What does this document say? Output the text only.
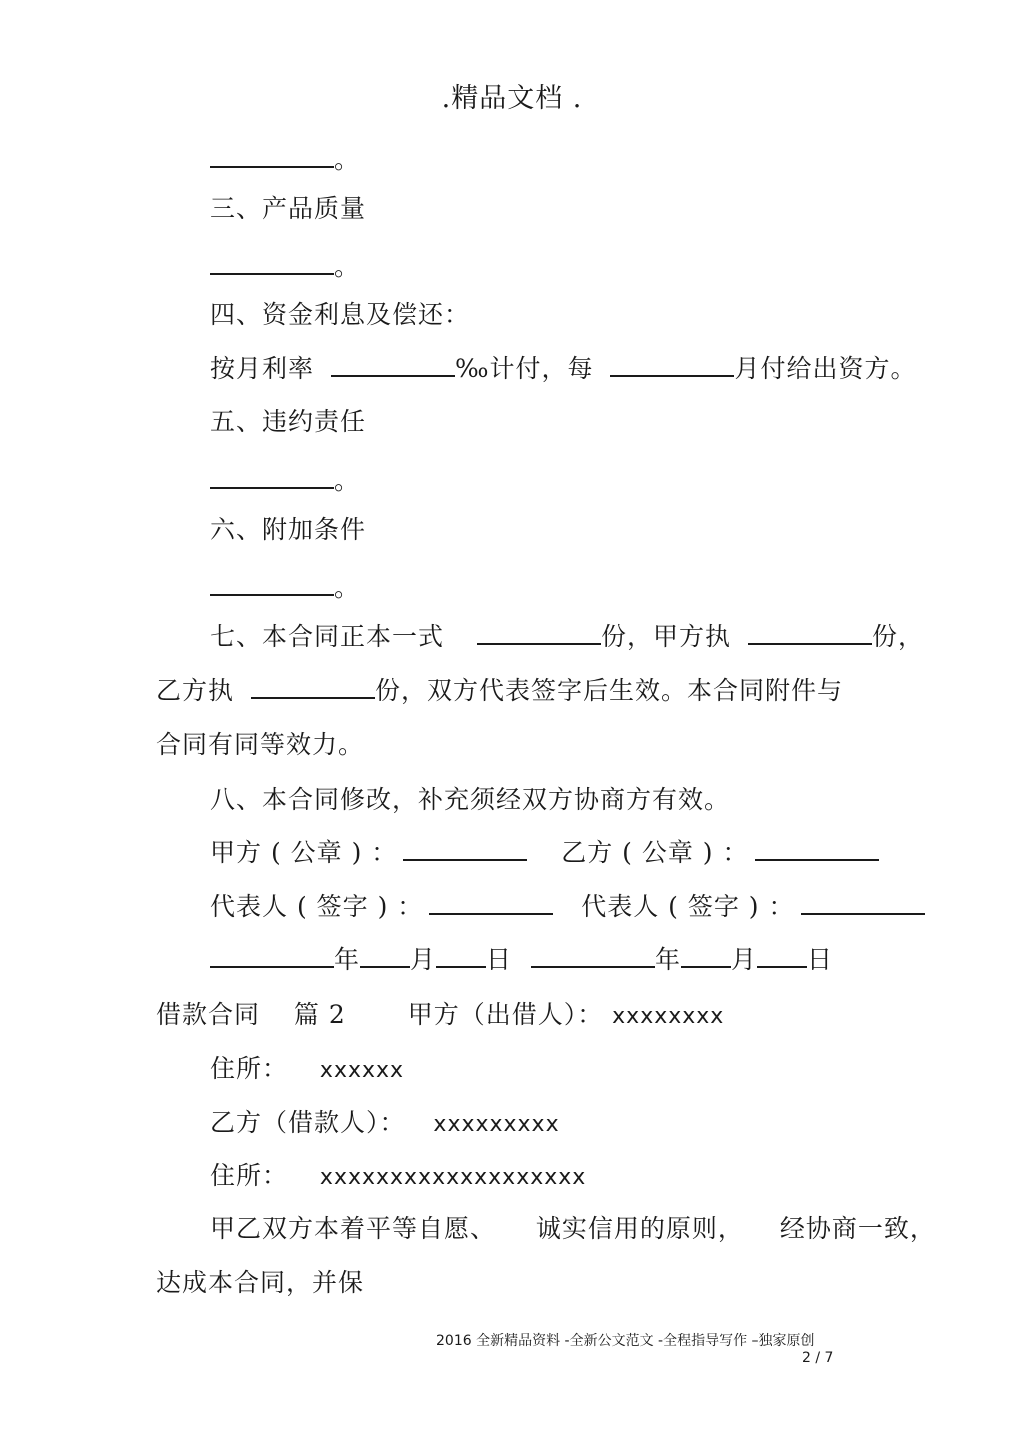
.精品文档 .
。
三、产品质量
。
四、资金利息及偿还：
按月利率	‰计付，每	月付给出资方。
五、违约责任
。
六、附加条件
。
七、本合同正本一式	份，甲方执	份，
乙方执	份，双方代表签字后生效。本合同附件与
合同有同等效力。
八、本合同修改，补充须经双方协商方有效。
甲方 ( 公章 ) ：	乙方 ( 公章 ) ：
代表人 ( 签字 ) ：	代表人 ( 签字 ) ：
年 月 日	年 月 日
借款合同 篇 2 甲方（出借人）： xxxxxxxx
住所： xxxxxx
乙方（借款人）： xxxxxxxxx
住所： xxxxxxxxxxxxxxxxxxx
甲乙双方本着平等自愿、 诚实信用的原则， 经协商一致，
达成本合同，并保
2016 全新精品资料 -全新公文范文 -全程指导写作 –独家原创
2 / 7
